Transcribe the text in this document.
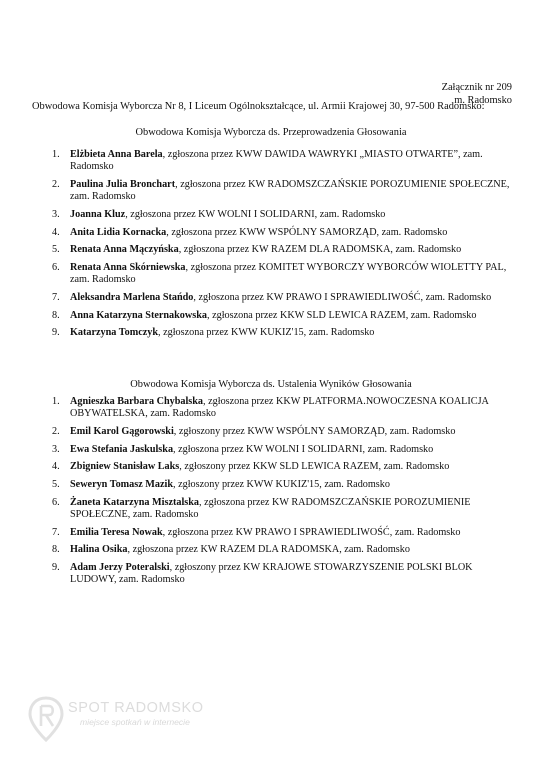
Załącznik nr 209
m. Radomsko
Obwodowa Komisja Wyborcza Nr 8, I Liceum Ogólnokształcące, ul. Armii Krajowej 30, 97-500 Radomsko:
Obwodowa Komisja Wyborcza ds. Przeprowadzenia Głosowania
1. Elżbieta Anna Barela, zgłoszona przez KWW DAWIDA WAWRYKI „MIASTO OTWARTE”, zam. Radomsko
2. Paulina Julia Bronchart, zgłoszona przez KW RADOMSZCZAŃSKIE POROZUMIENIE SPOŁECZNE, zam. Radomsko
3. Joanna Kluz, zgłoszona przez KW WOLNI I SOLIDARNI, zam. Radomsko
4. Anita Lidia Kornacka, zgłoszona przez KWW WSPÓLNY SAMORZĄD, zam. Radomsko
5. Renata Anna Mączyńska, zgłoszona przez KW RAZEM DLA RADOMSKA, zam. Radomsko
6. Renata Anna Skórniewska, zgłoszona przez KOMITET WYBORCZY WYBORCÓW WIOLETTY PAL, zam. Radomsko
7. Aleksandra Marlena Stańdo, zgłoszona przez KW PRAWO I SPRAWIEDLIWOŚĆ, zam. Radomsko
8. Anna Katarzyna Sternakowska, zgłoszona przez KKW SLD LEWICA RAZEM, zam. Radomsko
9. Katarzyna Tomczyk, zgłoszona przez KWW KUKIZ'15, zam. Radomsko
Obwodowa Komisja Wyborcza ds. Ustalenia Wyników Głosowania
1. Agnieszka Barbara Chybalska, zgłoszona przez KKW PLATFORMA.NOWOCZESNA KOALICJA OBYWATELSKA, zam. Radomsko
2. Emil Karol Gągorowski, zgłoszony przez KWW WSPÓLNY SAMORZĄD, zam. Radomsko
3. Ewa Stefania Jaskulska, zgłoszona przez KW WOLNI I SOLIDARNI, zam. Radomsko
4. Zbigniew Stanisław Laks, zgłoszony przez KKW SLD LEWICA RAZEM, zam. Radomsko
5. Seweryn Tomasz Mazik, zgłoszony przez KWW KUKIZ'15, zam. Radomsko
6. Żaneta Katarzyna Misztalska, zgłoszona przez KW RADOMSZCZAŃSKIE POROZUMIENIE SPOŁECZNE, zam. Radomsko
7. Emilia Teresa Nowak, zgłoszona przez KW PRAWO I SPRAWIEDLIWOŚĆ, zam. Radomsko
8. Halina Osika, zgłoszona przez KW RAZEM DLA RADOMSKA, zam. Radomsko
9. Adam Jerzy Poteralski, zgłoszony przez KW KRAJOWE STOWARZYSZENIE POLSKI BLOK LUDOWY, zam. Radomsko
SPOT RADOMSKO
miejsce spotkań w internecie
